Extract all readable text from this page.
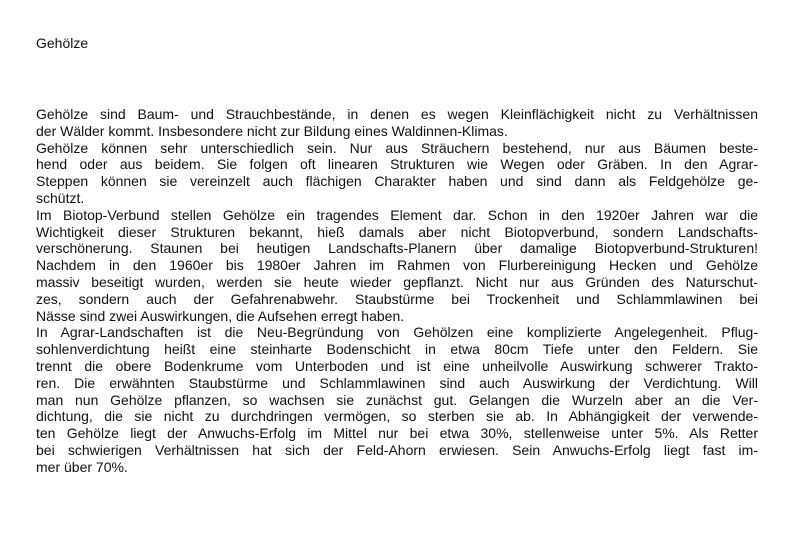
Gehölze
Gehölze sind Baum- und Strauchbestände, in denen es wegen Kleinflächigkeit nicht zu Verhältnissen
der Wälder kommt. Insbesondere nicht zur Bildung eines Waldinnen-Klimas.
Gehölze können sehr unterschiedlich sein. Nur aus Sträuchern bestehend, nur aus Bäumen beste-
hend oder aus beidem. Sie folgen oft linearen Strukturen wie Wegen oder Gräben. In den Agrar-
Steppen können sie vereinzelt auch flächigen Charakter haben und sind dann als Feldgehölze ge-
schützt.
Im Biotop-Verbund stellen Gehölze ein tragendes Element dar. Schon in den 1920er Jahren war die
Wichtigkeit dieser Strukturen bekannt, hieß damals aber nicht Biotopverbund, sondern Landschafts-
verschönerung. Staunen bei heutigen Landschafts-Planern über damalige Biotopverbund-Strukturen!
Nachdem in den 1960er bis 1980er Jahren im Rahmen von Flurbereinigung Hecken und Gehölze
massiv beseitigt wurden, werden sie heute wieder gepflanzt. Nicht nur aus Gründen des Naturschut-
zes, sondern auch der Gefahrenabwehr. Staubstürme bei Trockenheit und Schlammlawinen bei
Nässe sind zwei Auswirkungen, die Aufsehen erregt haben.
In Agrar-Landschaften ist die Neu-Begründung von Gehölzen eine komplizierte Angelegenheit. Pflug-
sohlenverdichtung heißt eine steinharte Bodenschicht in etwa 80cm Tiefe unter den Feldern. Sie
trennt die obere Bodenkrume vom Unterboden und ist eine unheilvolle Auswirkung schwerer Trakto-
ren. Die erwähnten Staubstürme und Schlammlawinen sind auch Auswirkung der Verdichtung. Will
man nun Gehölze pflanzen, so wachsen sie zunächst gut. Gelangen die Wurzeln aber an die Ver-
dichtung, die sie nicht zu durchdringen vermögen, so sterben sie ab. In Abhängigkeit der verwende-
ten Gehölze liegt der Anwuchs-Erfolg im Mittel nur bei etwa 30%, stellenweise unter 5%. Als Retter
bei schwierigen Verhältnissen hat sich der Feld-Ahorn erwiesen. Sein Anwuchs-Erfolg liegt fast im-
mer über 70%.
